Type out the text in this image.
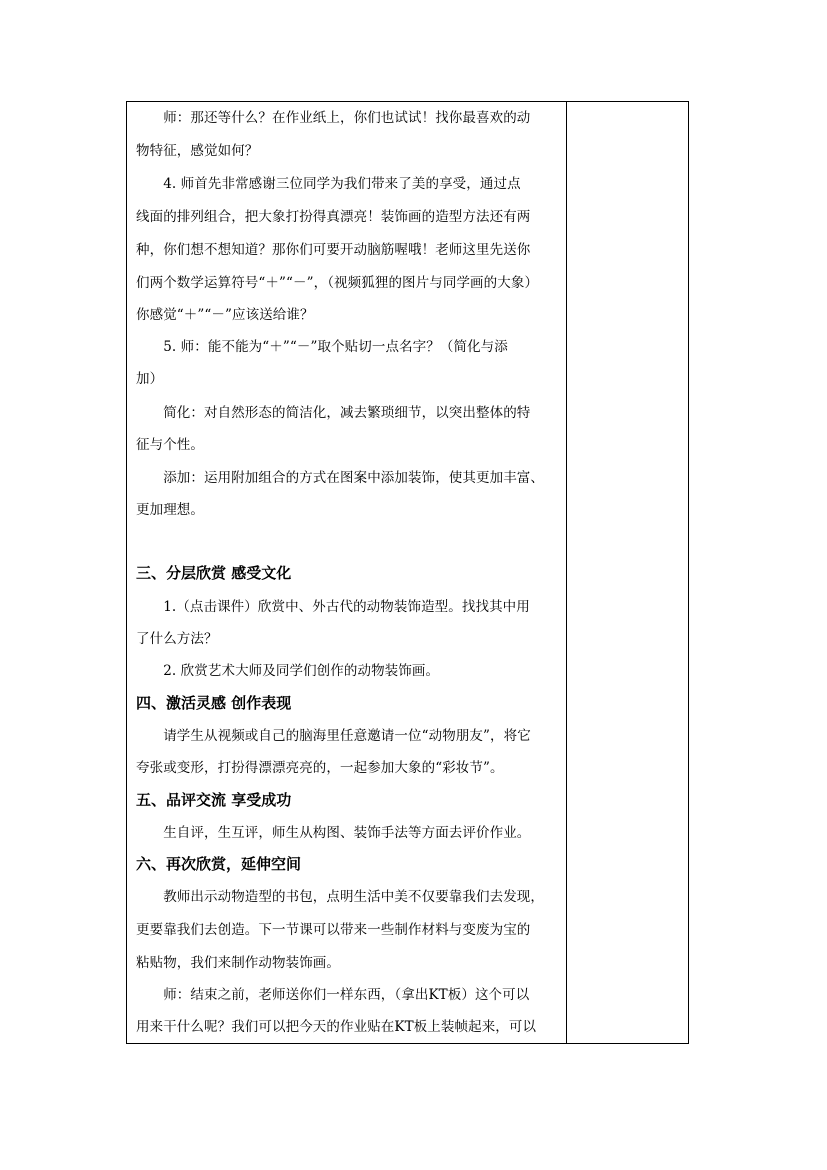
　　师：那还等什么？在作业纸上，你们也试试！找你最喜欢的动
物特征，感觉如何？
　　4. 师首先非常感谢三位同学为我们带来了美的享受，通过点
线面的排列组合，把大象打扮得真漂亮！装饰画的造型方法还有两
种，你们想不想知道？那你们可要开动脑筋喔哦！老师这里先送你
们两个数学运算符号“＋”“－”，（视频狐狸的图片与同学画的大象）
你感觉“＋”“－”应该送给谁？
　　5. 师：能不能为“＋”“－”取个贴切一点名字？（简化与添
加）
　　简化：对自然形态的简洁化，减去繁琐细节，以突出整体的特
征与个性。
　　添加：运用附加组合的方式在图案中添加装饰，使其更加丰富、
更加理想。
三、分层欣赏 感受文化
　　1.（点击课件）欣赏中、外古代的动物装饰造型。找找其中用
了什么方法？
　　2. 欣赏艺术大师及同学们创作的动物装饰画。
四、激活灵感 创作表现
　　请学生从视频或自己的脑海里任意邀请一位“动物朋友”，将它
夸张或变形，打扮得漂漂亮亮的，一起参加大象的“彩妆节”。
五、品评交流 享受成功
　　生自评，生互评，师生从构图、装饰手法等方面去评价作业。
六、再次欣赏，延伸空间
　　教师出示动物造型的书包，点明生活中美不仅要靠我们去发现，
更要靠我们去创造。下一节课可以带来一些制作材料与变废为宝的
粘贴物，我们来制作动物装饰画。
　　师：结束之前，老师送你们一样东西，（拿出KT板）这个可以
用来干什么呢？我们可以把今天的作业贴在KT板上装帧起来，可以
